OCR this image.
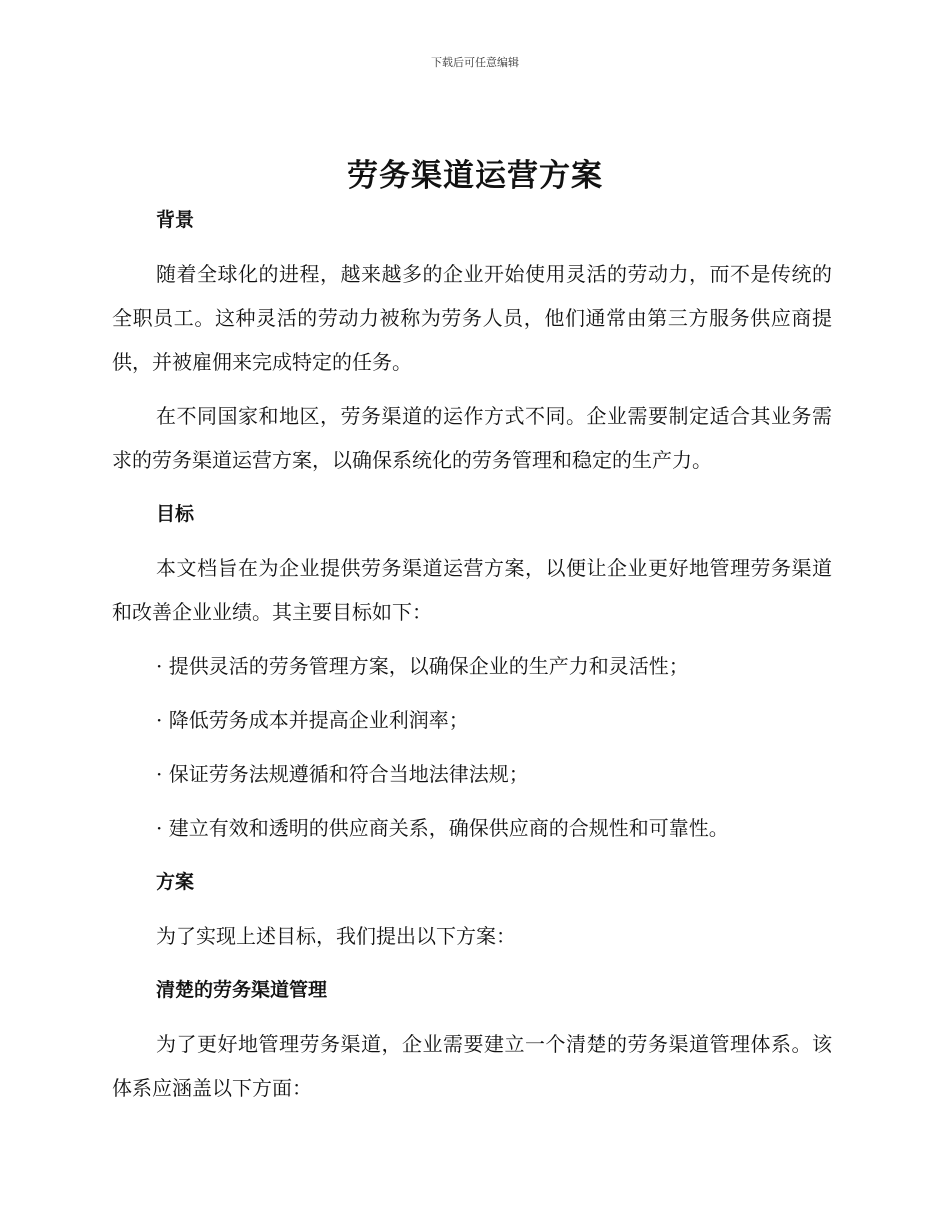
下载后可任意编辑
劳务渠道运营方案
背景

随着全球化的进程，越来越多的企业开始使用灵活的劳动力，而不是传统的全职员工。这种灵活的劳动力被称为劳务人员，他们通常由第三方服务供应商提供，并被雇佣来完成特定的任务。

在不同国家和地区，劳务渠道的运作方式不同。企业需要制定适合其业务需求的劳务渠道运营方案，以确保系统化的劳务管理和稳定的生产力。

目标

本文档旨在为企业提供劳务渠道运营方案，以便让企业更好地管理劳务渠道和改善企业业绩。其主要目标如下：

· 提供灵活的劳务管理方案，以确保企业的生产力和灵活性；

· 降低劳务成本并提高企业利润率；

· 保证劳务法规遵循和符合当地法律法规；

· 建立有效和透明的供应商关系，确保供应商的合规性和可靠性。

方案

为了实现上述目标，我们提出以下方案：

清楚的劳务渠道管理

为了更好地管理劳务渠道，企业需要建立一个清楚的劳务渠道管理体系。该体系应涵盖以下方面：
